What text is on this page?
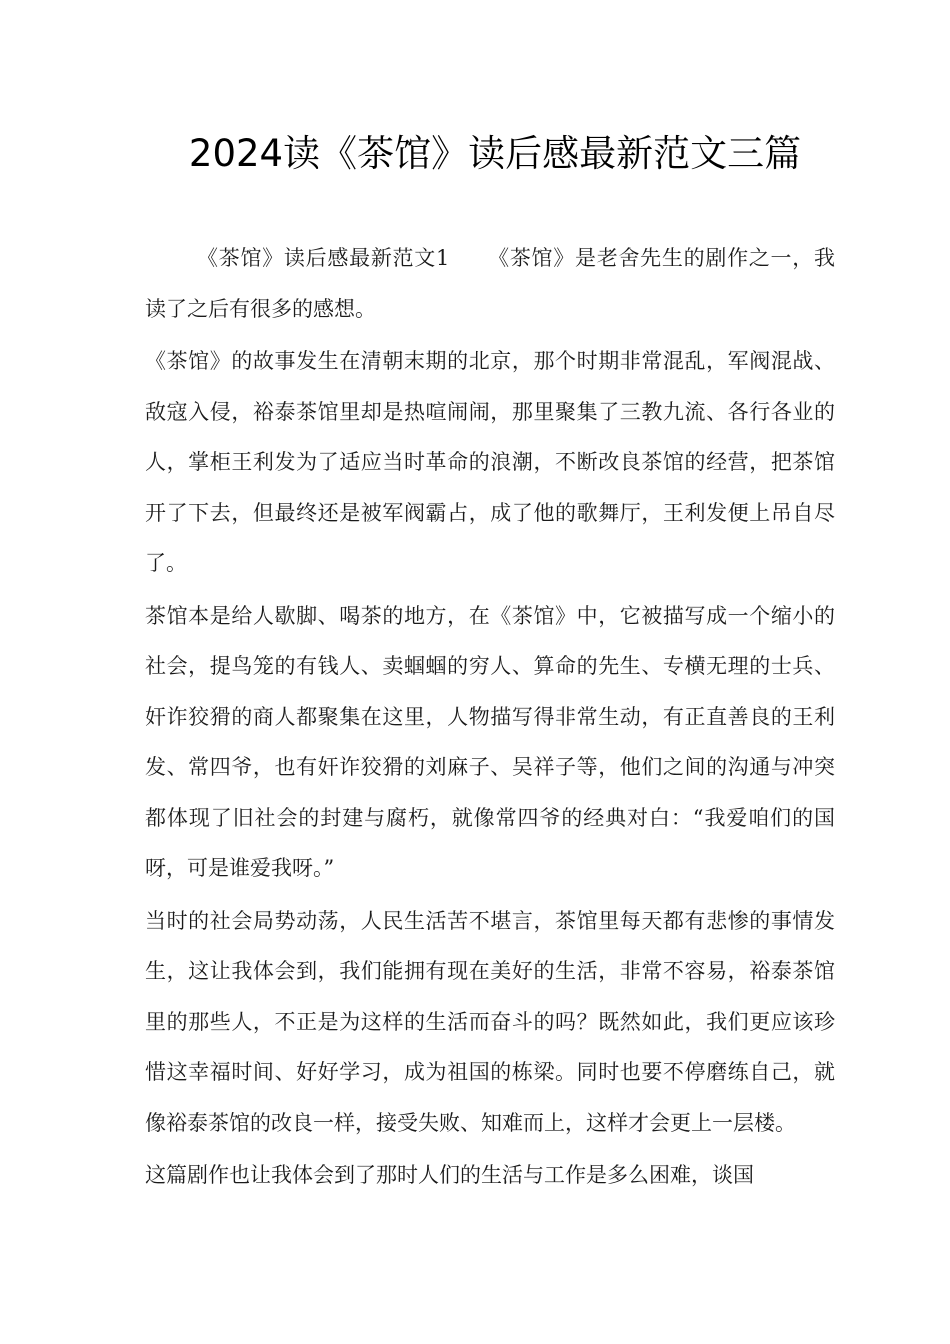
2024读《茶馆》读后感最新范文三篇

《茶馆》读后感最新范文1 《茶馆》是老舍先生的剧作之一，我读了之后有很多的感想。

《茶馆》的故事发生在清朝末期的北京，那个时期非常混乱，军阀混战、敌寇入侵，裕泰茶馆里却是热喧闹闹，那里聚集了三教九流、各行各业的人，掌柜王利发为了适应当时革命的浪潮，不断改良茶馆的经营，把茶馆开了下去，但最终还是被军阀霸占，成了他的歌舞厅，王利发便上吊自尽了。

茶馆本是给人歇脚、喝茶的地方，在《茶馆》中，它被描写成一个缩小的社会，提鸟笼的有钱人、卖蝈蝈的穷人、算命的先生、专横无理的士兵、奸诈狡猾的商人都聚集在这里，人物描写得非常生动，有正直善良的王利发、常四爷，也有奸诈狡猾的刘麻子、吴祥子等，他们之间的沟通与冲突都体现了旧社会的封建与腐朽，就像常四爷的经典对白：“我爱咱们的国呀，可是谁爱我呀。”

当时的社会局势动荡，人民生活苦不堪言，茶馆里每天都有悲惨的事情发生，这让我体会到，我们能拥有现在美好的生活，非常不容易，裕泰茶馆里的那些人，不正是为这样的生活而奋斗的吗？既然如此，我们更应该珍惜这幸福时间、好好学习，成为祖国的栋梁。同时也要不停磨练自己，就像裕泰茶馆的改良一样，接受失败、知难而上，这样才会更上一层楼。

这篇剧作也让我体会到了那时人们的生活与工作是多么困难，谈国
